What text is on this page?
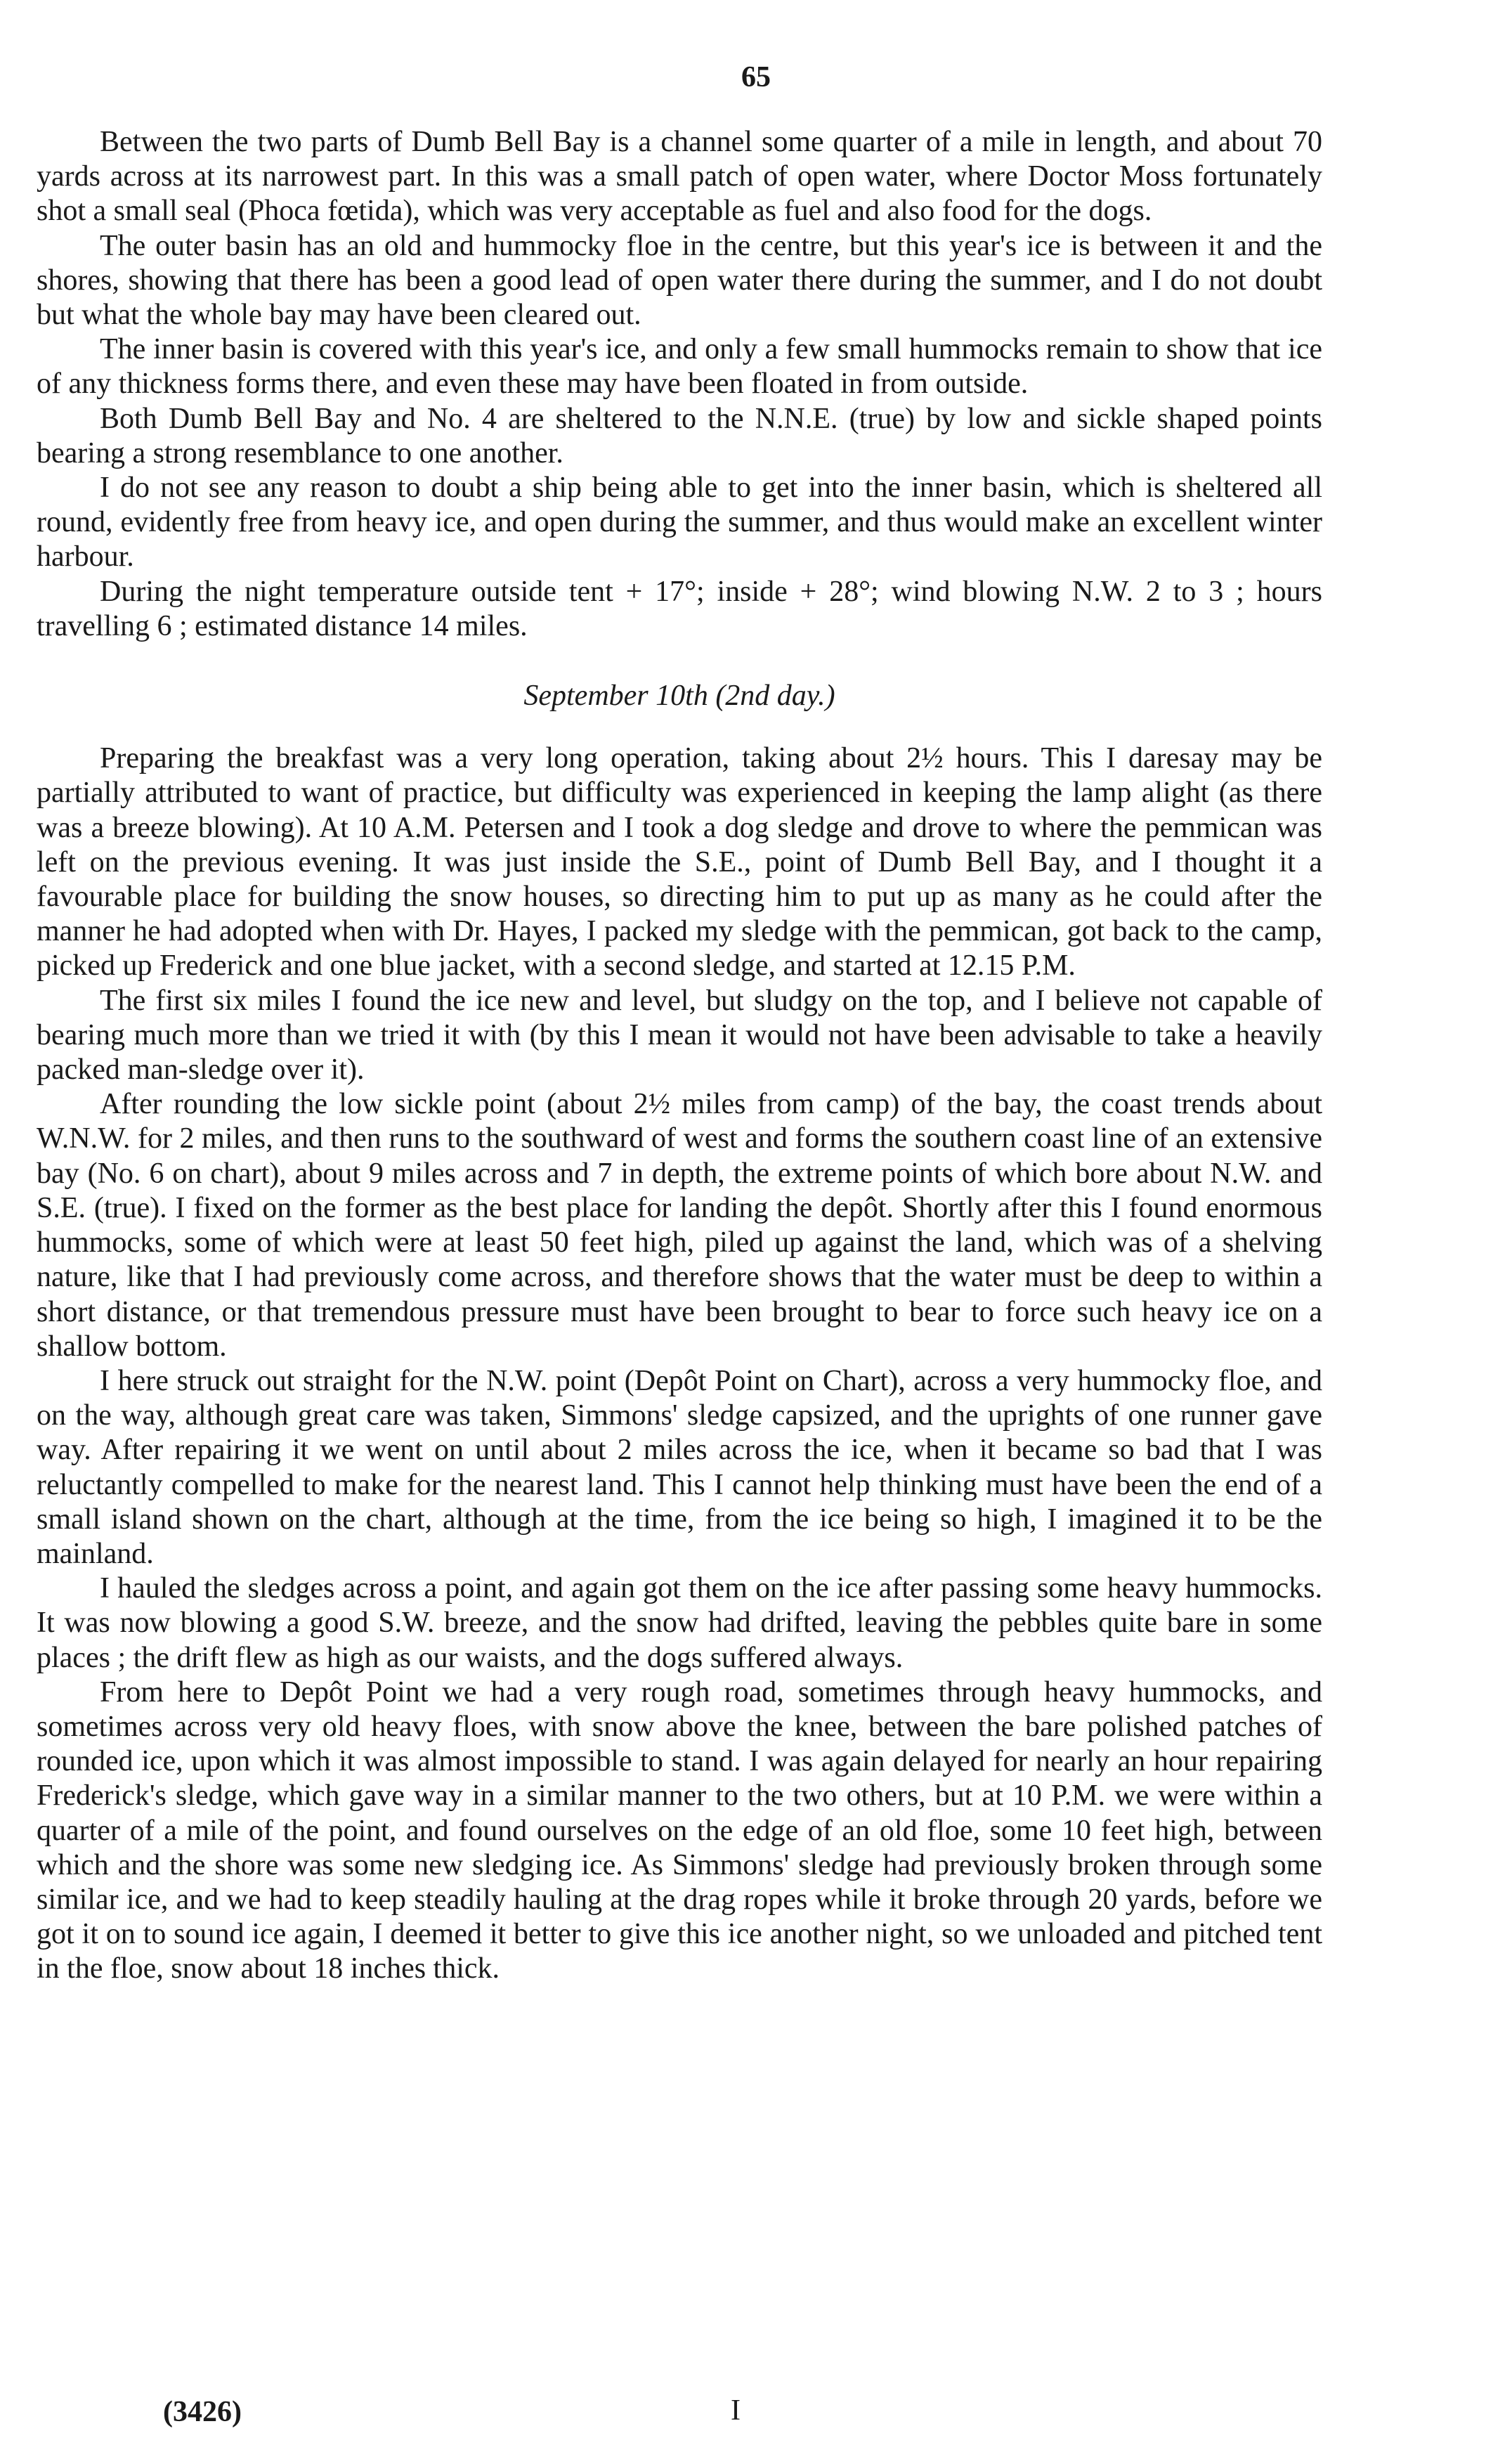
65

Between the two parts of Dumb Bell Bay is a channel some quarter of a mile in length, and about 70 yards across at its narrowest part. In this was a small patch of open water, where Doctor Moss fortunately shot a small seal (Phoca fœtida), which was very acceptable as fuel and also food for the dogs.

The outer basin has an old and hummocky floe in the centre, but this year's ice is between it and the shores, showing that there has been a good lead of open water there during the summer, and I do not doubt but what the whole bay may have been cleared out.

The inner basin is covered with this year's ice, and only a few small hummocks remain to show that ice of any thickness forms there, and even these may have been floated in from outside.

Both Dumb Bell Bay and No. 4 are sheltered to the N.N.E. (true) by low and sickle shaped points bearing a strong resemblance to one another.

I do not see any reason to doubt a ship being able to get into the inner basin, which is sheltered all round, evidently free from heavy ice, and open during the summer, and thus would make an excellent winter harbour.

During the night temperature outside tent + 17°; inside + 28°; wind blowing N.W. 2 to 3 ; hours travelling 6 ; estimated distance 14 miles.

September 10th (2nd day.)

Preparing the breakfast was a very long operation, taking about 2½ hours. This I daresay may be partially attributed to want of practice, but difficulty was experienced in keeping the lamp alight (as there was a breeze blowing). At 10 A.M. Petersen and I took a dog sledge and drove to where the pemmican was left on the previous evening. It was just inside the S.E., point of Dumb Bell Bay, and I thought it a favourable place for building the snow houses, so directing him to put up as many as he could after the manner he had adopted when with Dr. Hayes, I packed my sledge with the pemmican, got back to the camp, picked up Frederick and one blue jacket, with a second sledge, and started at 12.15 P.M.

The first six miles I found the ice new and level, but sludgy on the top, and I believe not capable of bearing much more than we tried it with (by this I mean it would not have been advisable to take a heavily packed man-sledge over it).

After rounding the low sickle point (about 2½ miles from camp) of the bay, the coast trends about W.N.W. for 2 miles, and then runs to the southward of west and forms the southern coast line of an extensive bay (No. 6 on chart), about 9 miles across and 7 in depth, the extreme points of which bore about N.W. and S.E. (true). I fixed on the former as the best place for landing the depôt. Shortly after this I found enormous hummocks, some of which were at least 50 feet high, piled up against the land, which was of a shelving nature, like that I had previously come across, and therefore shows that the water must be deep to within a short distance, or that tremendous pressure must have been brought to bear to force such heavy ice on a shallow bottom.

I here struck out straight for the N.W. point (Depôt Point on Chart), across a very hummocky floe, and on the way, although great care was taken, Simmons' sledge capsized, and the uprights of one runner gave way. After repairing it we went on until about 2 miles across the ice, when it became so bad that I was reluctantly compelled to make for the nearest land. This I cannot help thinking must have been the end of a small island shown on the chart, although at the time, from the ice being so high, I imagined it to be the mainland.

I hauled the sledges across a point, and again got them on the ice after passing some heavy hummocks. It was now blowing a good S.W. breeze, and the snow had drifted, leaving the pebbles quite bare in some places ; the drift flew as high as our waists, and the dogs suffered always.

From here to Depôt Point we had a very rough road, sometimes through heavy hummocks, and sometimes across very old heavy floes, with snow above the knee, between the bare polished patches of rounded ice, upon which it was almost impossible to stand. I was again delayed for nearly an hour repairing Frederick's sledge, which gave way in a similar manner to the two others, but at 10 P.M. we were within a quarter of a mile of the point, and found ourselves on the edge of an old floe, some 10 feet high, between which and the shore was some new sledging ice. As Simmons' sledge had previously broken through some similar ice, and we had to keep steadily hauling at the drag ropes while it broke through 20 yards, before we got it on to sound ice again, I deemed it better to give this ice another night, so we unloaded and pitched tent in the floe, snow about 18 inches thick.

(3426)	I
